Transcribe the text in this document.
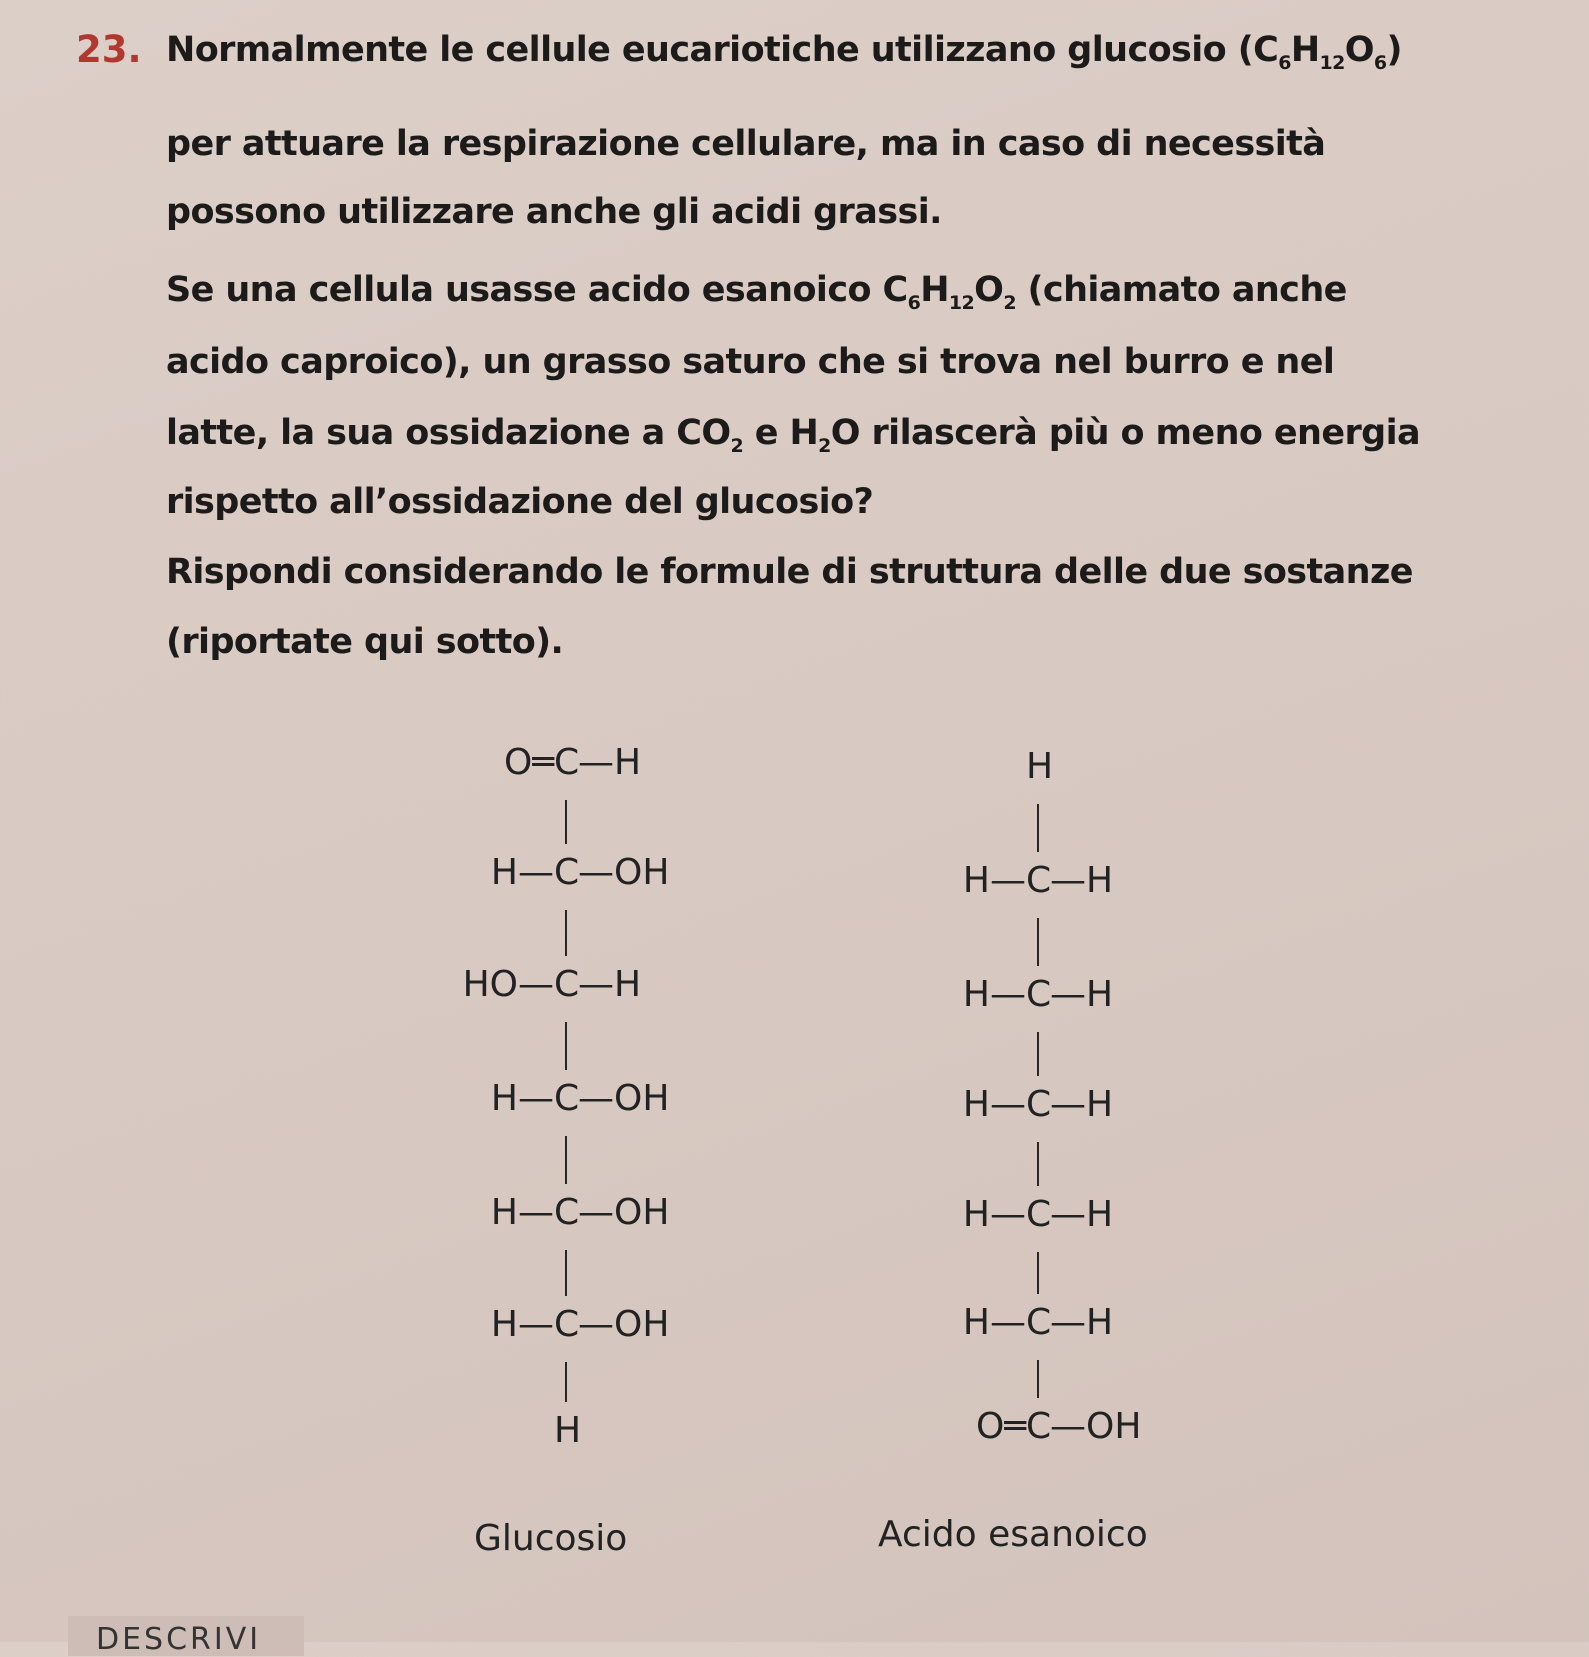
23. Normalmente le cellule eucariotiche utilizzano glucosio $(C_6H_{12}O_6)$
per attuare la respirazione cellulare, ma in caso di necessità
possono utilizzare anche gli acidi grassi.
Se una cellula usasse acido esanoico $C_6H_{12}O_2$ (chiamato anche
acido caproico), un grasso saturo che si trova nel burro e nel
latte, la sua ossidazione a $CO_2$ e $H_2O$ rilascerà più o meno energia
rispetto all’ossidazione del glucosio?
Rispondi considerando le formule di struttura delle due sostanze
(riportate qui sotto).
O═ C
—H
H— C
—OH
HO— C
—H
H— C
—OH
H— C
—OH
H— C
—OH
H
Glucosio
H
H— C
—H
H— C
—H
H— C
—H
H— C
—H
H— C
—H
O═ C
—OH
Acido esanoico
DESCRIVI
